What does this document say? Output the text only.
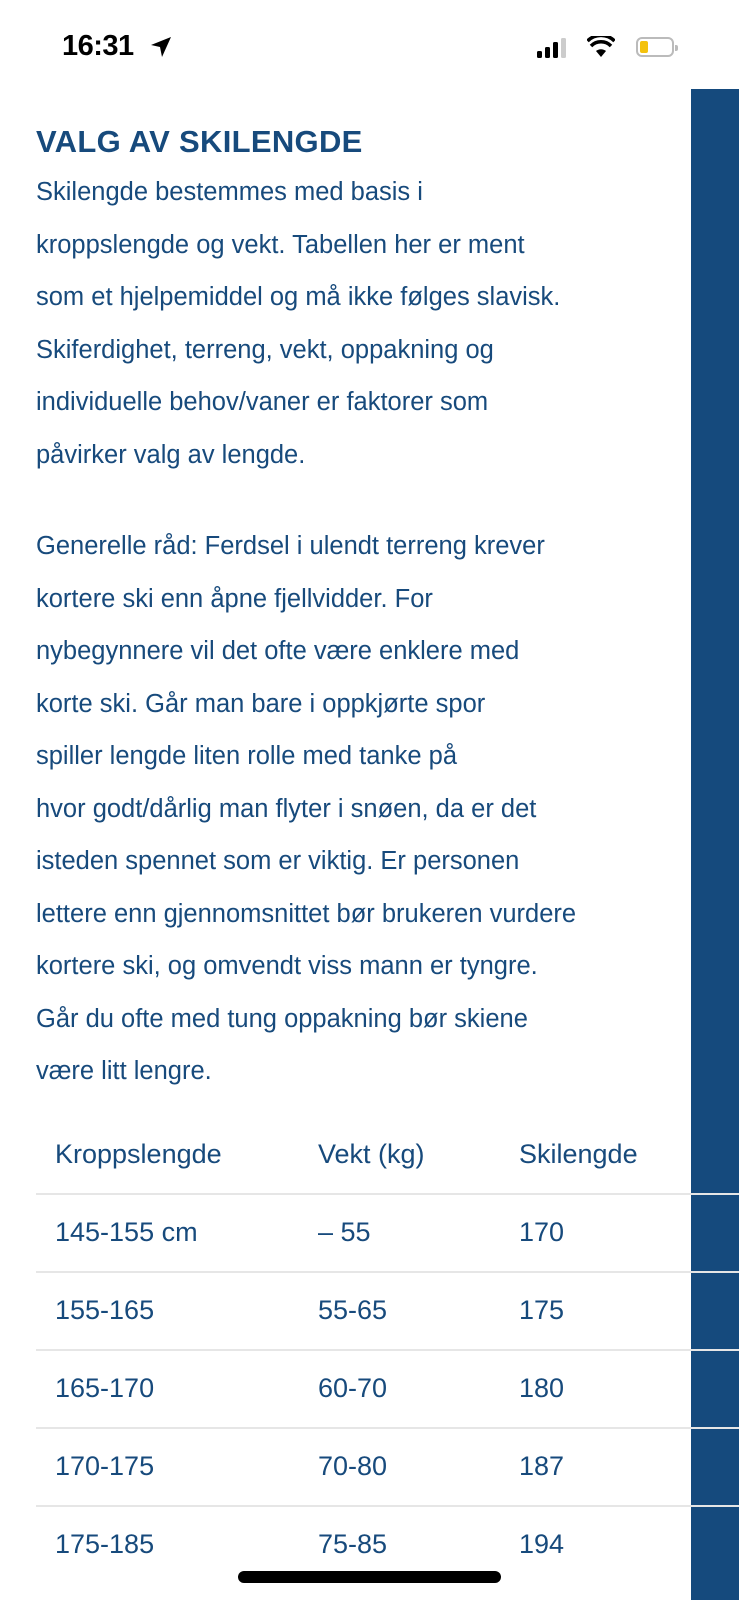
16:31
VALG AV SKILENGDE
Skilengde bestemmes med basis i
kroppslengde og vekt. Tabellen her er ment
som et hjelpemiddel og må ikke følges slavisk.
Skiferdighet, terreng, vekt, oppakning og
individuelle behov/vaner er faktorer som
påvirker valg av lengde.
Generelle råd: Ferdsel i ulendt terreng krever
kortere ski enn åpne fjellvidder. For
nybegynnere vil det ofte være enklere med
korte ski. Går man bare i oppkjørte spor
spiller lengde liten rolle med tanke på
hvor godt/dårlig man flyter i snøen, da er det
isteden spennet som er viktig. Er personen
lettere enn gjennomsnittet bør brukeren vurdere
kortere ski, og omvendt viss mann er tyngre.
Går du ofte med tung oppakning bør skiene
være litt lengre.
Kroppslengde	Vekt (kg)	Skilengde
145-155 cm	– 55	170
155-165	55-65	175
165-170	60-70	180
170-175	70-80	187
175-185	75-85	194
